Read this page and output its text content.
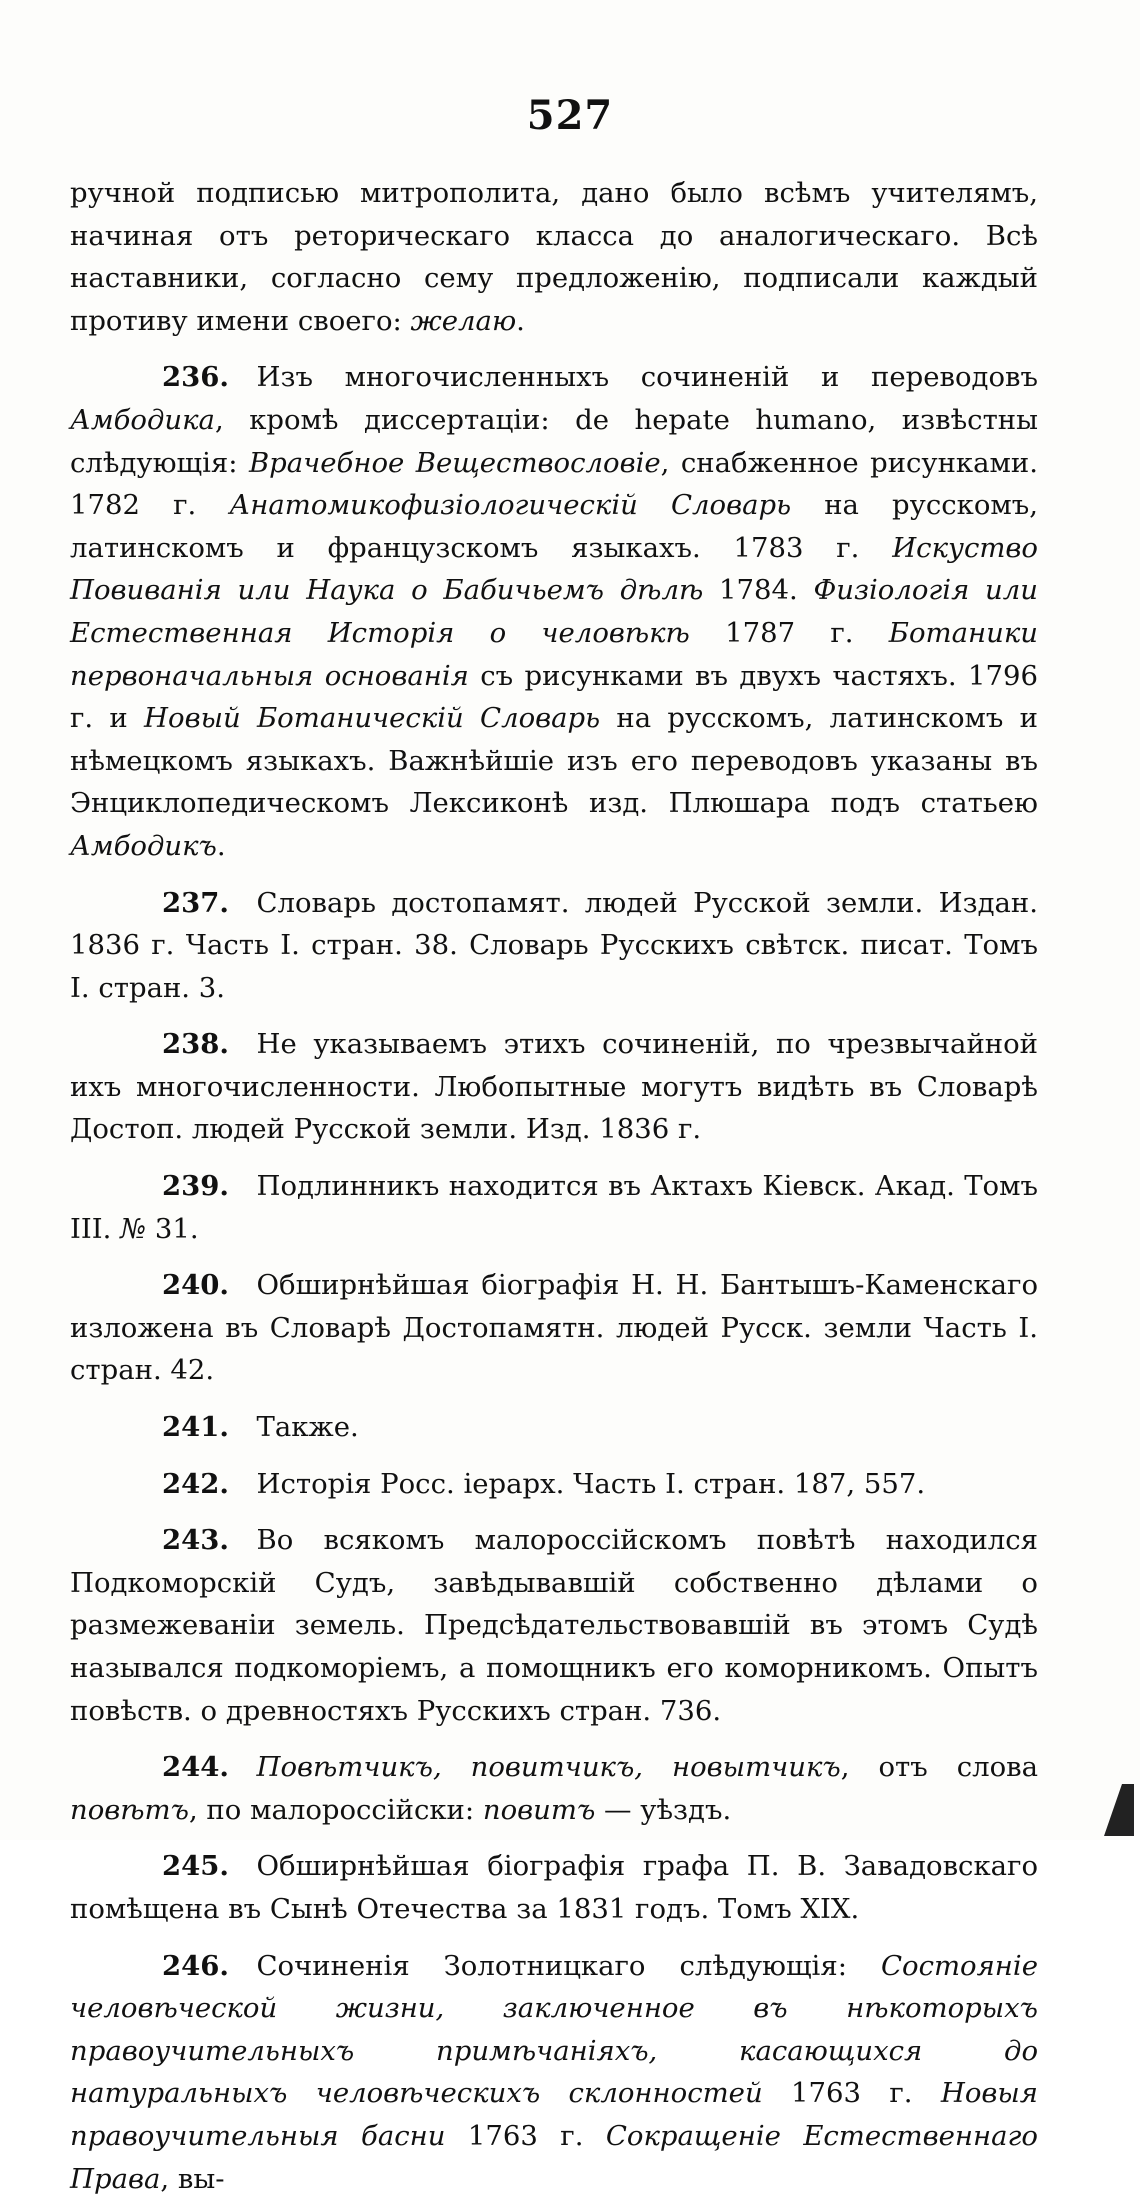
527

ручной подписью митрополита, дано было всѣмъ учителямъ, начиная отъ реторическаго класса до аналогическаго. Всѣ наставники, согласно сему предложенію, подписали каждый противу имени своего: желаю.

236.  Изъ многочисленныхъ сочиненій и переводовъ Амбодика, кромѣ диссертаціи: de hepate humano, извѣстны слѣдующія: Врачебное Веществословіе, снабженное рисунками. 1782 г. Анатомикофизіологическій Словарь на русскомъ, латинскомъ и французскомъ языкахъ. 1783 г. Искуство Повиванія или Наука о Бабичьемъ дѣлѣ 1784. Физіологія или Естественная Исторія о человѣкѣ 1787 г. Ботаники первоначальныя основанія съ рисунками въ двухъ частяхъ. 1796 г. и Новый Ботаническій Словарь на русскомъ, латинскомъ и нѣмецкомъ языкахъ. Важнѣйшіе изъ его переводовъ указаны въ Энциклопедическомъ Лексиконѣ изд. Плюшара подъ статьею Амбодикъ.

237.  Словарь достопамят. людей Русской земли. Издан. 1836 г. Часть I. стран. 38. Словарь Русскихъ свѣтск. писат. Томъ I. стран. 3.

238.  Не указываемъ этихъ сочиненій, по чрезвычайной ихъ многочисленности. Любопытные могутъ видѣть въ Словарѣ Достоп. людей Русской земли. Изд. 1836 г.

239.  Подлинникъ находится въ Актахъ Кіевск. Акад. Томъ III. № 31.

240.  Обширнѣйшая біографія Н. Н. Бантышъ-Каменскаго изложена въ Словарѣ Достопамятн. людей Русск. земли Часть I. стран. 42.

241.  Также.

242.  Исторія Росс. іерарх. Часть I. стран. 187, 557.

243.  Во всякомъ малороссійскомъ повѣтѣ находился Подкоморскій Судъ, завѣдывавшій собственно дѣлами о размежеваніи земель. Предсѣдательствовавшій въ этомъ Судѣ назывался подкоморіемъ, а помощникъ его коморникомъ. Опытъ повѣств. о древностяхъ Русскихъ стран. 736.

244.  Повѣтчикъ, повитчикъ, новытчикъ, отъ слова повѣтъ, по малороссійски: повитъ — уѣздъ.

245.  Обширнѣйшая біографія графа П. В. Завадовскаго помѣщена въ Сынѣ Отечества за 1831 годъ. Томъ XIX.

246.  Сочиненія Золотницкаго слѣдующія: Состояніе человѣческой жизни, заключенное въ нѣкоторыхъ правоучительныхъ примѣчаніяхъ, касающихся до натуральныхъ человѣческихъ склонностей 1763 г. Новыя правоучительныя басни 1763 г. Сокращеніе Естественнаго Права, вы-
